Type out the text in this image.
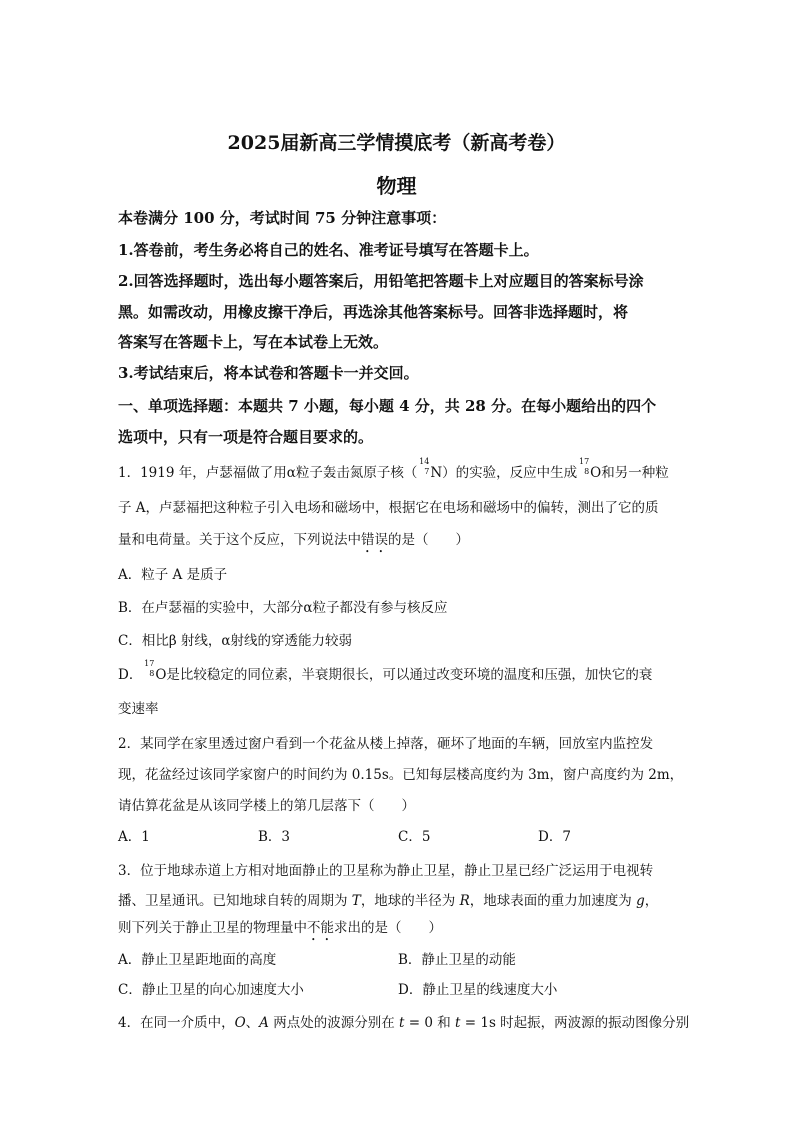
2025届新高三学情摸底考（新高考卷）
物理
本卷满分 100 分，考试时间 75 分钟注意事项：
1.答卷前，考生务必将自己的姓名、准考证号填写在答题卡上。
2.回答选择题时，选出每小题答案后，用铅笔把答题卡上对应题目的答案标号涂
黑。如需改动，用橡皮擦干净后，再选涂其他答案标号。回答非选择题时，将
答案写在答题卡上，写在本试卷上无效。
3.考试结束后，将本试卷和答题卡一并交回。
一、单项选择题：本题共 7 小题，每小题 4 分，共 28 分。在每小题给出的四个
选项中，只有一项是符合题目要求的。
1．1919 年，卢瑟福做了用α粒子轰击氮原子核（
14
7 N）的实验，反应中生成
17
8 O和另一种粒
子 A，卢瑟福把这种粒子引入电场和磁场中，根据它在电场和磁场中的偏转，测出了它的质
量和电荷量。关于这个反应，下列说法中错误的是（　　）
A．粒子 A 是质子
B．在卢瑟福的实验中，大部分α粒子都没有参与核反应
C．相比β 射线，α射线的穿透能力较弱
D．
17
8 O是比较稳定的同位素，半衰期很长，可以通过改变环境的温度和压强，加快它的衰
变速率
2．某同学在家里透过窗户看到一个花盆从楼上掉落，砸坏了地面的车辆，回放室内监控发
现，花盆经过该同学家窗户的时间约为 0.15s。已知每层楼高度约为 3m，窗户高度约为 2m，
请估算花盆是从该同学楼上的第几层落下（　　）
A．1	B．3	C．5	D．7
3．位于地球赤道上方相对地面静止的卫星称为静止卫星，静止卫星已经广泛运用于电视转
播、卫星通讯。已知地球自转的周期为 T，地球的半径为 R，地球表面的重力加速度为 g，
则下列关于静止卫星的物理量中不能求出的是（　　）
A．静止卫星距地面的高度	B．静止卫星的动能
C．静止卫星的向心加速度大小	D．静止卫星的线速度大小
4．在同一介质中，O、A 两点处的波源分别在 t = 0 和 t = 1s 时起振，两波源的振动图像分别
